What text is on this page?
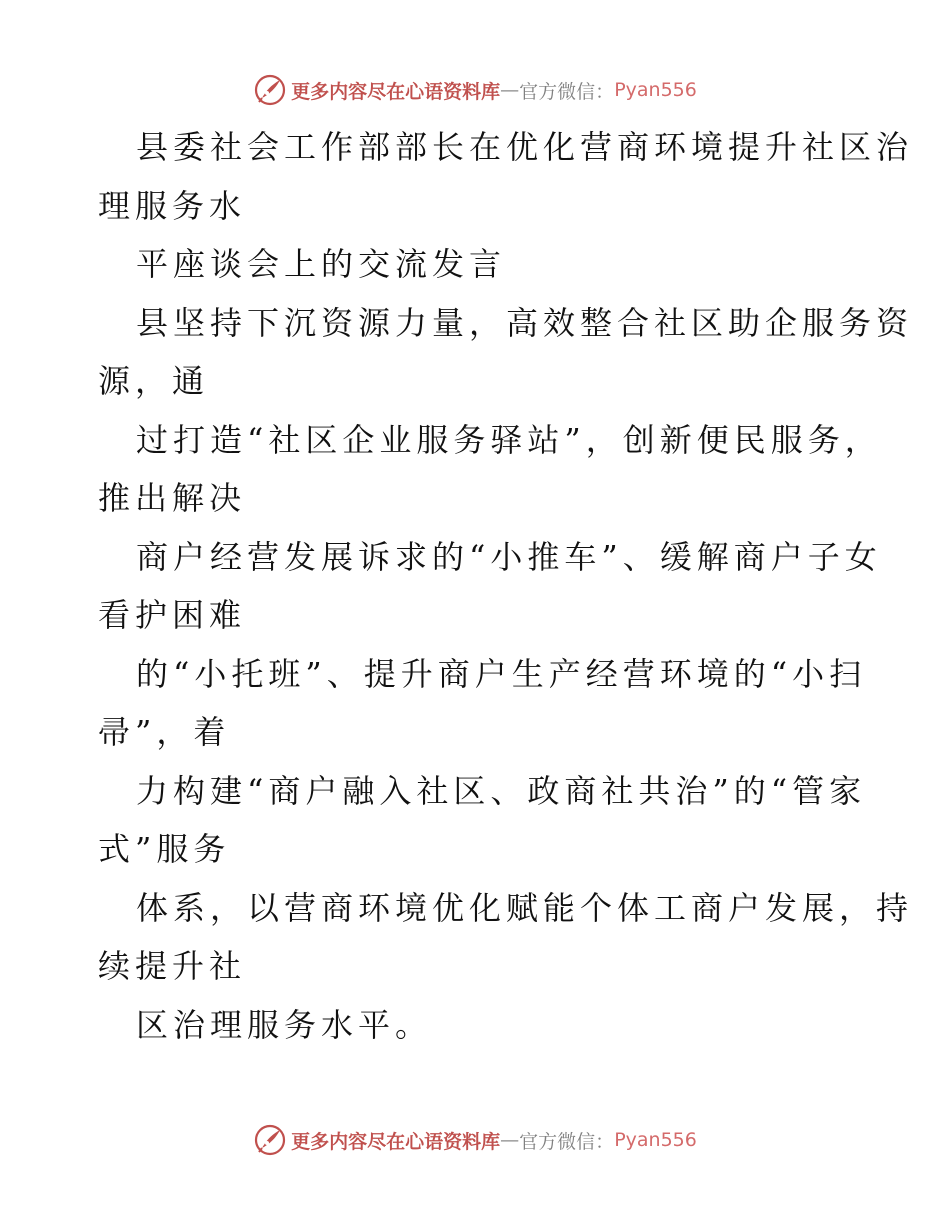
更多内容尽在心语资料库 — 官方微信： Pyan556

县委社会工作部部长在优化营商环境提升社区治
理服务水

平座谈会上的交流发言

县坚持下沉资源力量，高效整合社区助企服务资
源，通

过打造“社区企业服务驿站”，创新便民服务，
推出解决

商户经营发展诉求的“小推车”、缓解商户子女
看护困难

的“小托班”、提升商户生产经营环境的“小扫
帚”，着

力构建“商户融入社区、政商社共治”的“管家
式”服务

体系，以营商环境优化赋能个体工商户发展，持
续提升社

区治理服务水平。

更多内容尽在心语资料库 — 官方微信： Pyan556
